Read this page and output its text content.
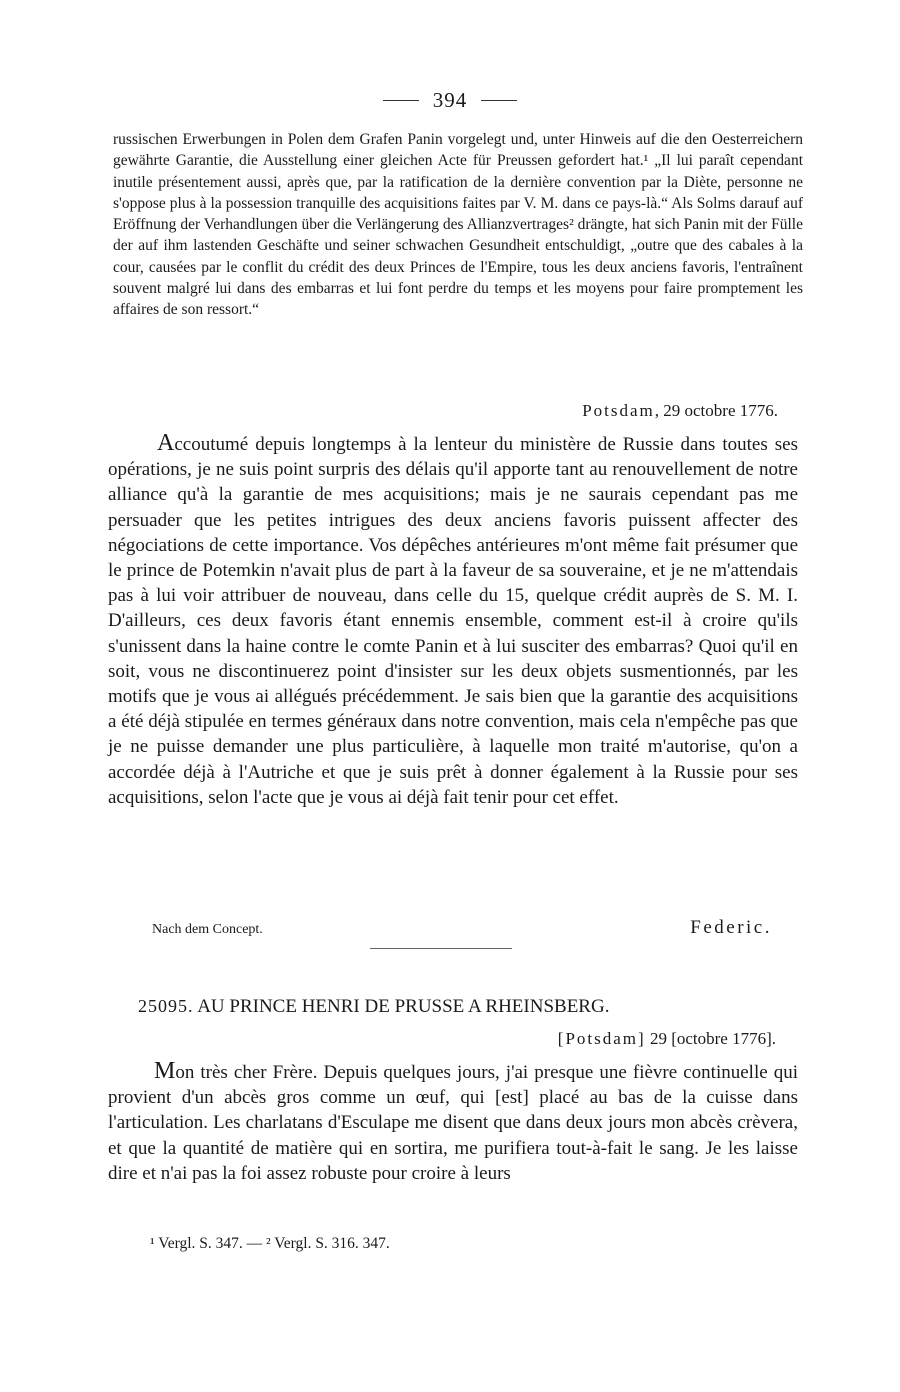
394

russischen Erwerbungen in Polen dem Grafen Panin vorgelegt und, unter Hinweis auf die den Oesterreichern gewährte Garantie, die Ausstellung einer gleichen Acte für Preussen gefordert hat.¹ „Il lui paraît cependant inutile présentement aussi, après que, par la ratification de la dernière convention par la Diète, personne ne s'oppose plus à la possession tranquille des acquisitions faites par V. M. dans ce pays-là.“ Als Solms darauf auf Eröffnung der Verhandlungen über die Verlängerung des Allianzvertrages² drängte, hat sich Panin mit der Fülle der auf ihm lastenden Geschäfte und seiner schwachen Gesundheit entschuldigt, „outre que des cabales à la cour, causées par le conflit du crédit des deux Princes de l'Empire, tous les deux anciens favoris, l'entraînent souvent malgré lui dans des embarras et lui font perdre du temps et les moyens pour faire promptement les affaires de son ressort.“

Potsdam, 29 octobre 1776.

Accoutumé depuis longtemps à la lenteur du ministère de Russie dans toutes ses opérations, je ne suis point surpris des délais qu'il apporte tant au renouvellement de notre alliance qu'à la garantie de mes acquisitions; mais je ne saurais cependant pas me persuader que les petites intrigues des deux anciens favoris puissent affecter des négociations de cette importance. Vos dépêches antérieures m'ont même fait présumer que le prince de Potemkin n'avait plus de part à la faveur de sa souveraine, et je ne m'attendais pas à lui voir attribuer de nouveau, dans celle du 15, quelque crédit auprès de S. M. I. D'ailleurs, ces deux favoris étant ennemis ensemble, comment est-il à croire qu'ils s'unissent dans la haine contre le comte Panin et à lui susciter des embarras? Quoi qu'il en soit, vous ne discontinuerez point d'insister sur les deux objets susmentionnés, par les motifs que je vous ai allégués précédemment. Je sais bien que la garantie des acquisitions a été déjà stipulée en termes généraux dans notre convention, mais cela n'empêche pas que je ne puisse demander une plus particulière, à laquelle mon traité m'autorise, qu'on a accordée déjà à l'Autriche et que je suis prêt à donner également à la Russie pour ses acquisitions, selon l'acte que je vous ai déjà fait tenir pour cet effet.

Nach dem Concept.	Federic.
25095. AU PRINCE HENRI DE PRUSSE A RHEINSBERG.
[Potsdam] 29 [octobre 1776].

Mon très cher Frère. Depuis quelques jours, j'ai presque une fièvre continuelle qui provient d'un abcès gros comme un œuf, qui [est] placé au bas de la cuisse dans l'articulation. Les charlatans d'Esculape me disent que dans deux jours mon abcès crèvera, et que la quantité de matière qui en sortira, me purifiera tout-à-fait le sang. Je les laisse dire et n'ai pas la foi assez robuste pour croire à leurs

¹ Vergl. S. 347. — ² Vergl. S. 316. 347.
